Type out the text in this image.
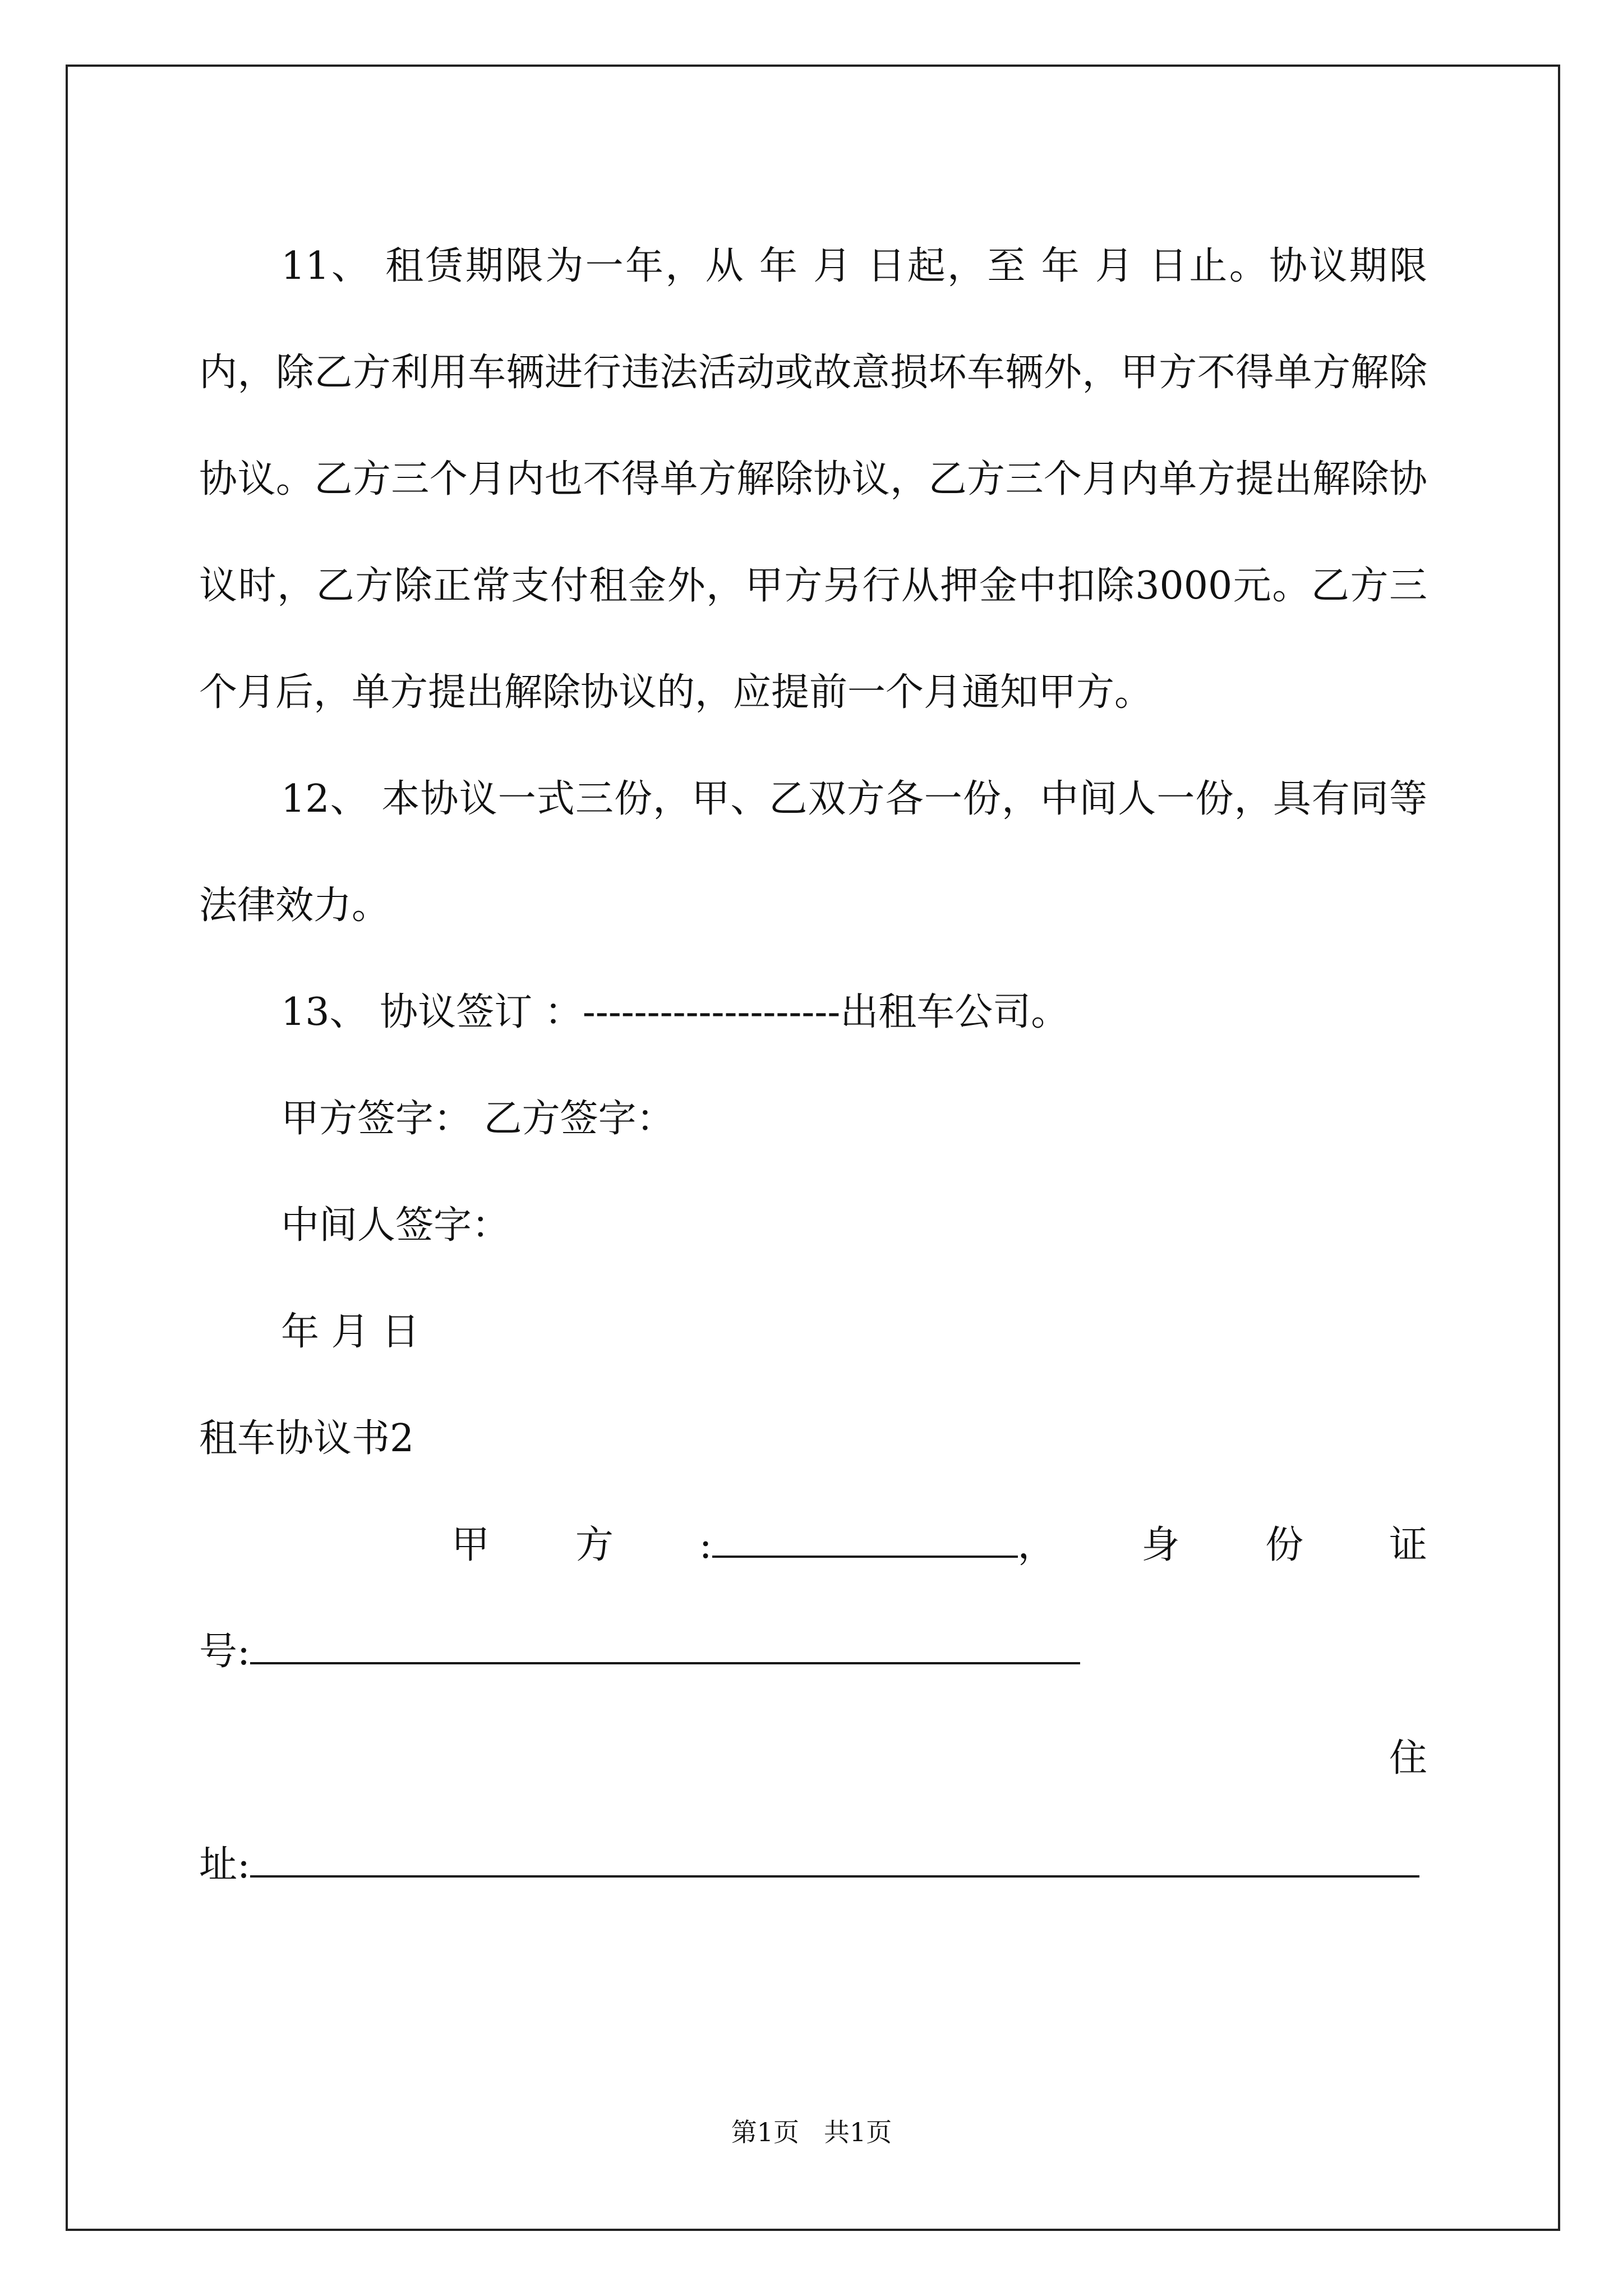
11、 租赁期限为一年，从 年 月 日起，至 年 月 日止。协议期限内，除乙方利用车辆进行违法活动或故意损坏车辆外，甲方不得单方解除协议。乙方三个月内也不得单方解除协议，乙方三个月内单方提出解除协议时，乙方除正常支付租金外，甲方另行从押金中扣除3000元。乙方三个月后，单方提出解除协议的，应提前一个月通知甲方。

12、 本协议一式三份，甲、乙双方各一份，中间人一份，具有同等法律效力。

13、 协议签订 ：--------------------出租车公司。

甲方签字： 乙方签字：

中间人签字：

年 月 日

租车协议书2

甲 方 :	， 身 份 证
号:
住
址:
第1页 共1页
